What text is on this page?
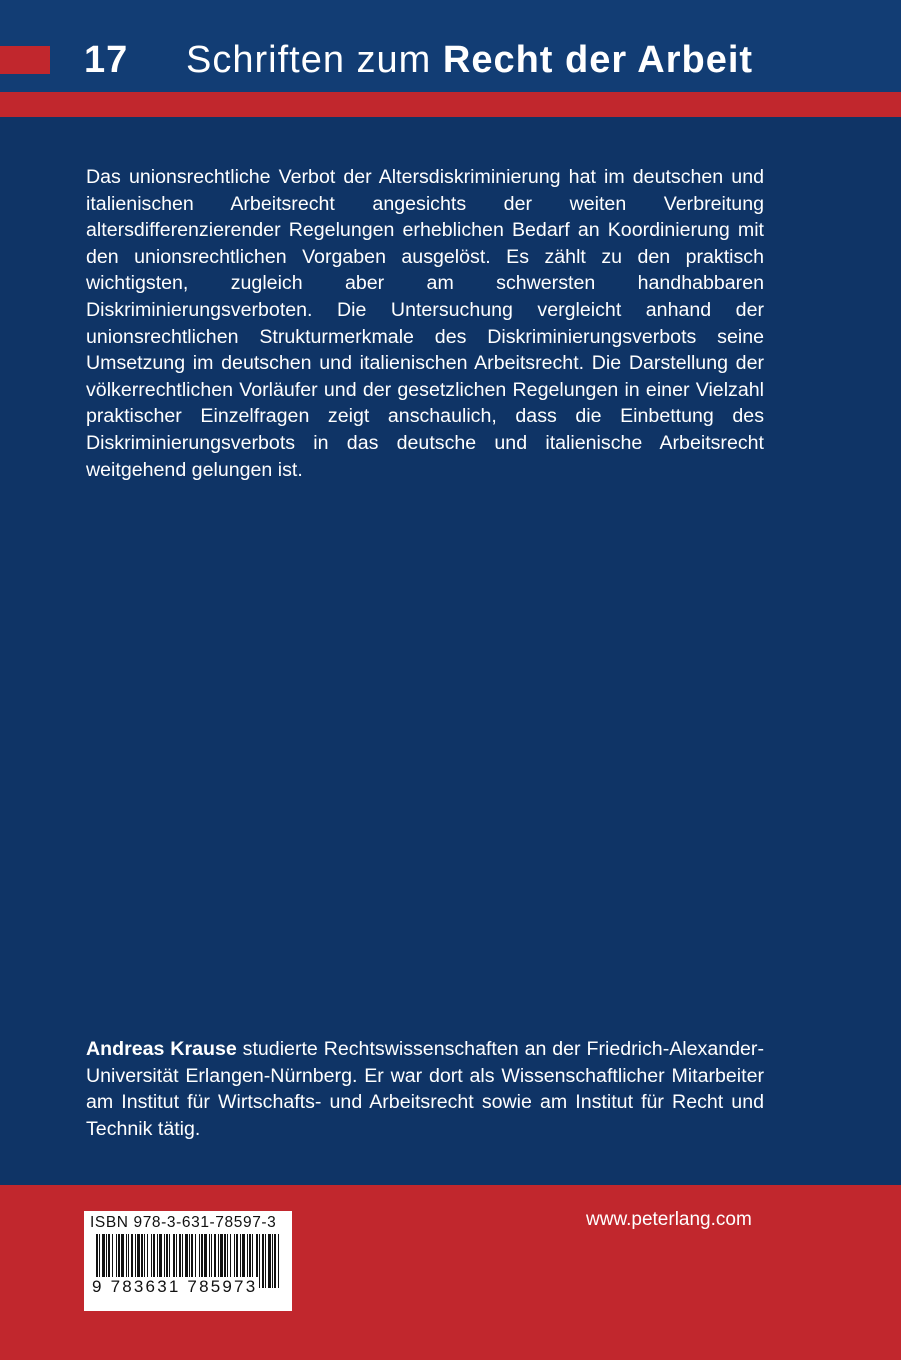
17 Schriften zum Recht der Arbeit

Das unionsrechtliche Verbot der Altersdiskriminierung hat im deutschen und italienischen Arbeitsrecht angesichts der weiten Verbreitung altersdifferenzierender Regelungen erheblichen Bedarf an Koordinierung mit den unionsrechtlichen Vorgaben ausgelöst. Es zählt zu den praktisch wichtigsten, zugleich aber am schwersten handhabbaren Diskriminierungsverboten. Die Untersuchung vergleicht anhand der unionsrechtlichen Strukturmerkmale des Diskriminierungsverbots seine Umsetzung im deutschen und italienischen Arbeitsrecht. Die Darstellung der völkerrechtlichen Vorläufer und der gesetzlichen Regelungen in einer Vielzahl praktischer Einzelfragen zeigt anschaulich, dass die Einbettung des Diskriminierungsverbots in das deutsche und italienische Arbeitsrecht weitgehend gelungen ist.

Andreas Krause studierte Rechtswissenschaften an der Friedrich-Alexander-Universität Erlangen-Nürnberg. Er war dort als Wissenschaftlicher Mitarbeiter am Institut für Wirtschafts- und Arbeitsrecht sowie am Institut für Recht und Technik tätig.
ISBN 978-3-631-78597-3
9 783631 785973
www.peterlang.com
